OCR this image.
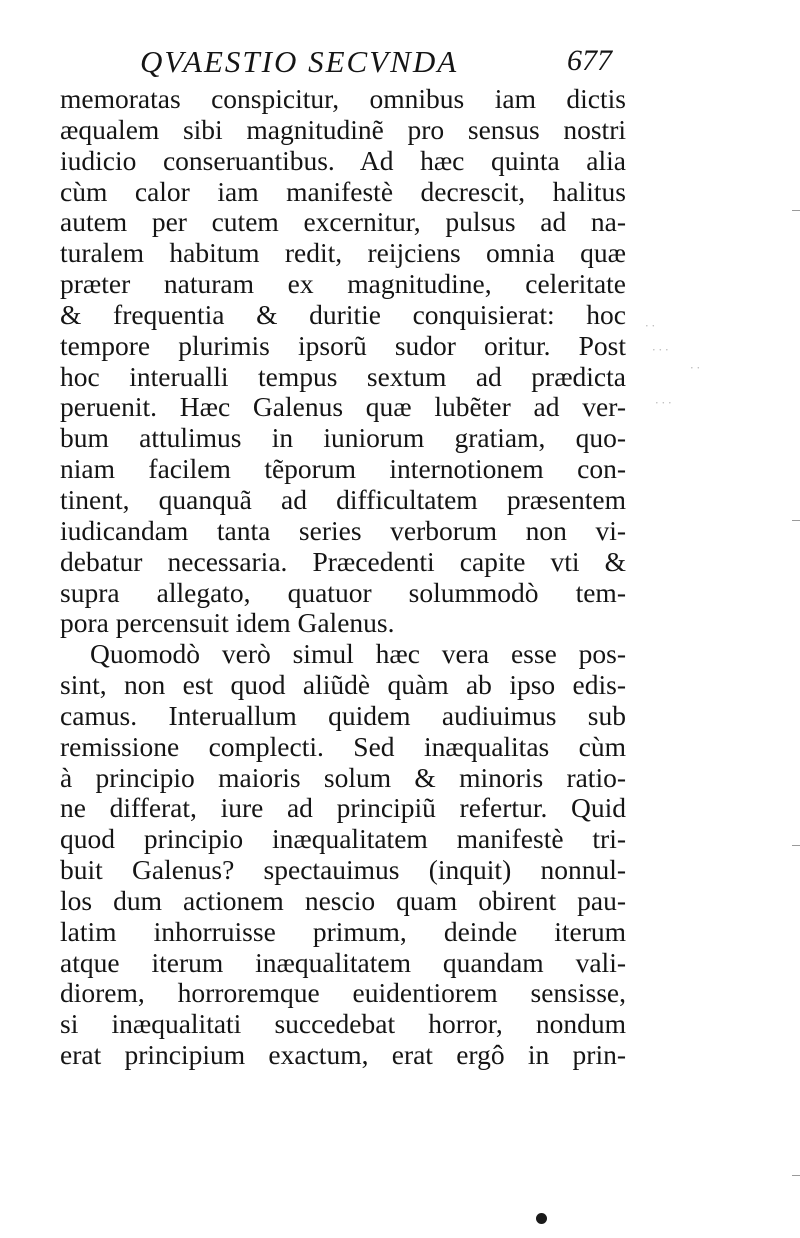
QVAESTIO SECVNDA	677
memoratas conspicitur, omnibus iam dictis
æqualem sibi magnitudinẽ pro sensus nostri
iudicio conseruantibus. Ad hæc quinta alia
cùm calor iam manifestè decrescit, halitus
autem per cutem excernitur, pulsus ad na-
turalem habitum redit, reijciens omnia quæ
præter naturam ex magnitudine, celeritate
& frequentia & duritie conquisierat: hoc
tempore plurimis ipsorũ sudor oritur. Post
hoc interualli tempus sextum ad prædicta
peruenit. Hæc Galenus quæ lubẽter ad ver-
bum attulimus in iuniorum gratiam, quo-
niam facilem tẽporum internotionem con-
tinent, quanquã ad difficultatem præsentem
iudicandam tanta series verborum non vi-
debatur necessaria. Præcedenti capite vti &
supra allegato, quatuor solummodò tem-
pora percensuit idem Galenus.
Quomodò verò simul hæc vera esse pos-
sint, non est quod aliũdè quàm ab ipso edis-
camus. Interuallum quidem audiuimus sub
remissione complecti. Sed inæqualitas cùm
à principio maioris solum & minoris ratio-
ne differat, iure ad principiũ refertur. Quid
quod principio inæqualitatem manifestè tri-
buit Galenus? spectauimus (inquit) nonnul-
los dum actionem nescio quam obirent pau-
latim inhorruisse primum, deinde iterum
atque iterum inæqualitatem quandam vali-
diorem, horroremque euidentiorem sensisse,
si inæqualitati succedebat horror, nondum
erat principium exactum, erat ergô in prin-
· ·
· · ·
· ·
· · ·
